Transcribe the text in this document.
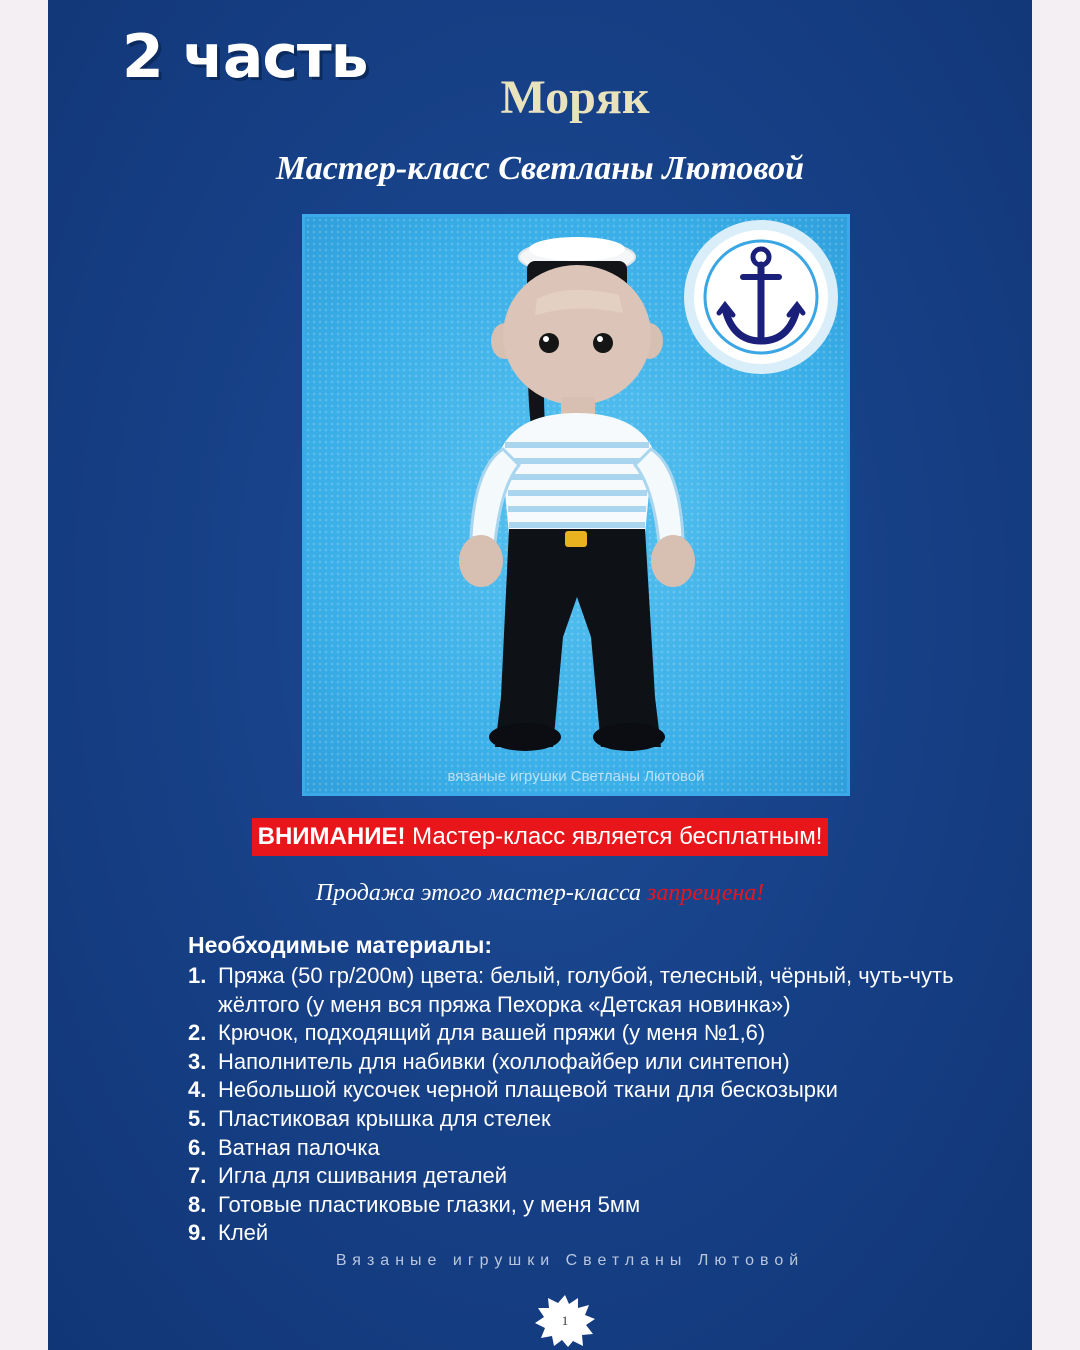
2 часть
Моряк
Мастер-класс Светланы Лютовой
вязаные игрушки Светланы Лютовой
ВНИМАНИЕ! Мастер-класс является бесплатным!
Продажа этого мастер-класса запрещена!
Необходимые материалы:
1. Пряжа (50 гр/200м) цвета: белый, голубой, телесный, чёрный, чуть-чуть жёлтого (у меня вся пряжа Пехорка «Детская новинка»)
2. Крючок, подходящий для вашей пряжи (у меня №1,6)
3. Наполнитель для набивки (холлофайбер или синтепон)
4. Небольшой кусочек черной плащевой ткани для бескозырки
5. Пластиковая крышка для стелек
6. Ватная палочка
7. Игла для сшивания деталей
8. Готовые пластиковые глазки, у меня 5мм
9. Клей
Вязаные игрушки Светланы Лютовой
1
